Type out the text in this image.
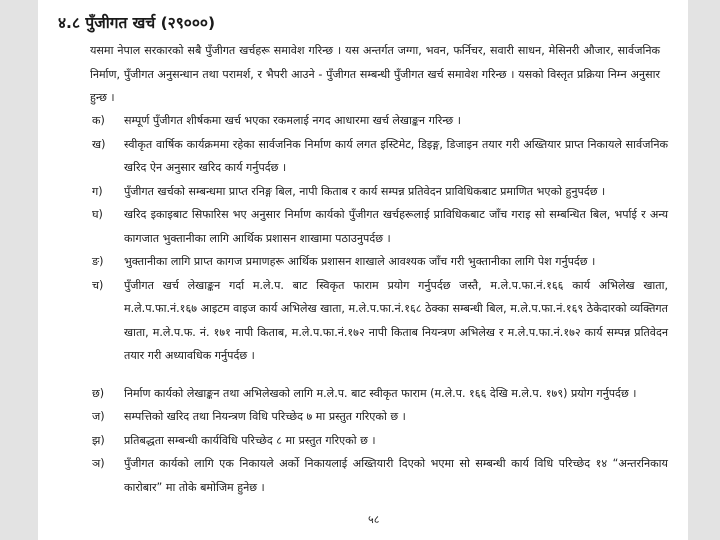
४.८ पुँजीगत खर्च (२९०००)
यसमा नेपाल सरकारको सबै पुँजीगत खर्चहरू समावेश गरिन्छ । यस अन्तर्गत जग्गा, भवन, फर्निचर, सवारी साधन, मेसिनरी औजार, सार्वजनिक निर्माण, पुँजीगत अनुसन्धान तथा परामर्श, र भैपरी आउने - पुँजीगत सम्बन्धी पुँजीगत खर्च समावेश गरिन्छ । यसको विस्तृत प्रक्रिया निम्न अनुसार हुन्छ ।
क)	सम्पूर्ण पुँजीगत शीर्षकमा खर्च भएका रकमलाई नगद आधारमा खर्च लेखाङ्कन गरिन्छ ।
ख)	स्वीकृत वार्षिक कार्यक्रममा रहेका सार्वजनिक निर्माण कार्य लगत इस्टिमेट, डिइङ्ग, डिजाइन तयार गरी अख्तियार प्राप्त निकायले सार्वजनिक खरिद ऐन अनुसार खरिद कार्य गर्नुपर्दछ ।
ग)	पुँजीगत खर्चको सम्बन्धमा प्राप्त रनिङ्ग बिल, नापी किताब र कार्य सम्पन्न प्रतिवेदन प्राविधिकबाट प्रमाणित भएको हुनुपर्दछ ।
घ)	खरिद इकाइबाट सिफारिस भए अनुसार निर्माण कार्यको पुँजीगत खर्चहरूलाई प्राविधिकबाट जाँच गराइ सो सम्बन्धित बिल, भर्पाई र अन्य कागजात भुक्तानीका लागि आर्थिक प्रशासन शाखामा पठाउनुपर्दछ ।
ङ)	भुक्तानीका लागि प्राप्त कागज प्रमाणहरू आर्थिक प्रशासन शाखाले आवश्यक जाँच गरी भुक्तानीका लागि पेश गर्नुपर्दछ ।
च)	पुँजीगत खर्च लेखाङ्कन गर्दा म.ले.प. बाट स्विकृत फाराम प्रयोग गर्नुपर्दछ जस्तै, म.ले.प.फा.नं.१६६ कार्य अभिलेख खाता, म.ले.प.फा.नं.१६७ आइटम वाइज कार्य अभिलेख खाता, म.ले.प.फा.नं.१६८ ठेक्का सम्बन्धी बिल, म.ले.प.फा.नं.१६९ ठेकेदारको व्यक्तिगत खाता, म.ले.प.फ. नं. १७१ नापी किताब, म.ले.प.फा.नं.१७२ नापी किताब नियन्त्रण अभिलेख र म.ले.प.फा.नं.१७२ कार्य सम्पन्न प्रतिवेदन तयार गरी अध्यावधिक गर्नुपर्दछ ।
छ)	निर्माण कार्यको लेखाङ्कन तथा अभिलेखको लागि म.ले.प. बाट स्वीकृत फाराम (म.ले.प. १६६ देखि म.ले.प. १७९) प्रयोग गर्नुपर्दछ ।
ज)	सम्पत्तिको खरिद तथा नियन्त्रण विधि परिच्छेद ७ मा प्रस्तुत गरिएको छ ।
झ)	प्रतिबद्धता सम्बन्धी कार्यविधि परिच्छेद ८ मा प्रस्तुत गरिएको छ ।
ञ)	पुँजीगत कार्यको लागि एक निकायले अर्को निकायलाई अख्तियारी दिएको भएमा सो सम्बन्धी कार्य विधि परिच्छेद १४ “अन्तरनिकाय कारोबार” मा तोके बमोजिम हुनेछ ।
५८
